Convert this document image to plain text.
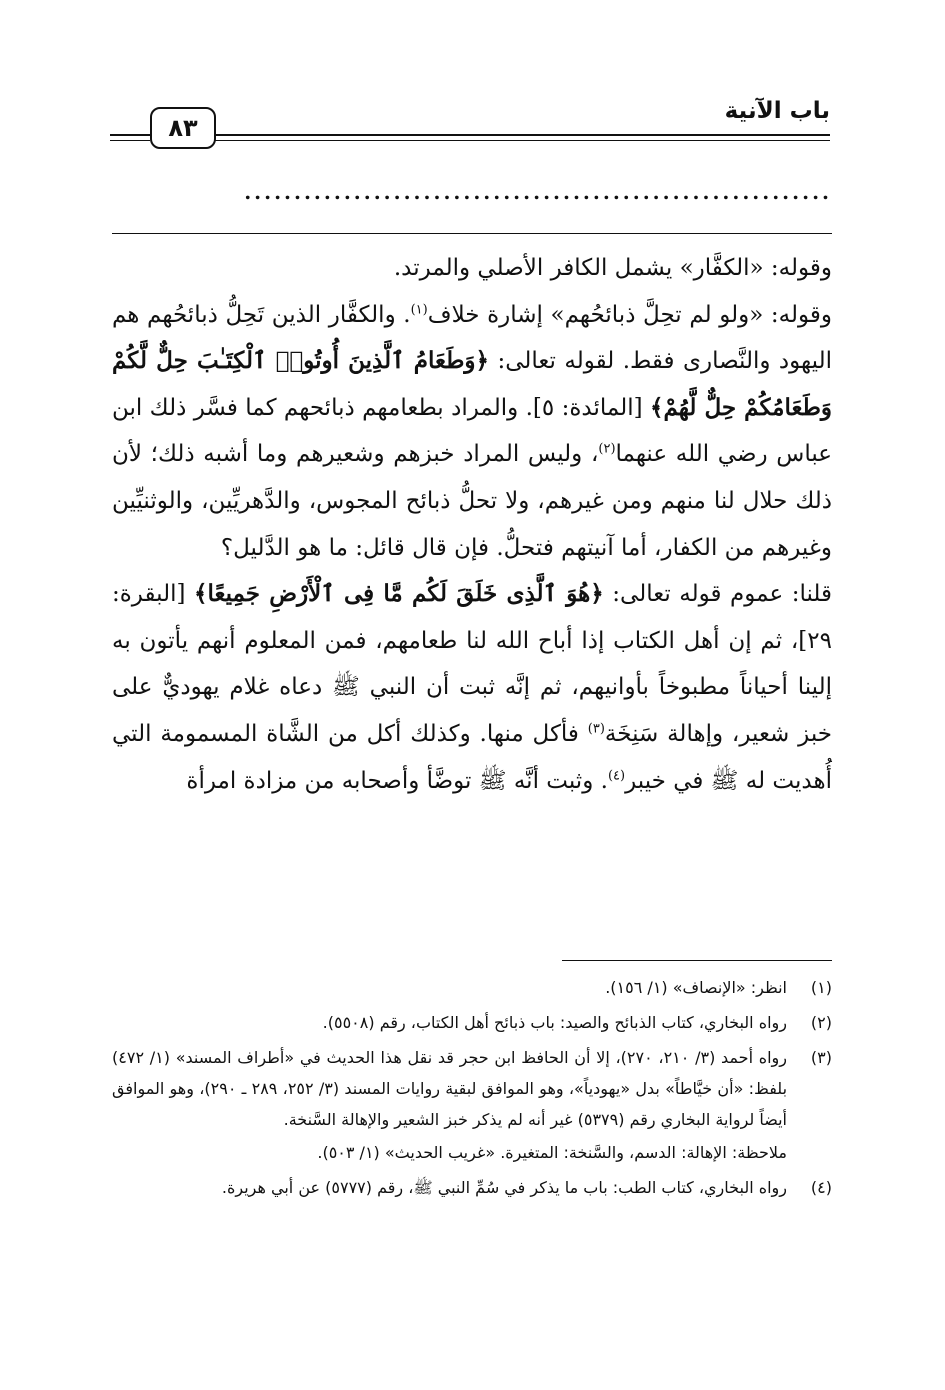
باب الآنية
٨٣
...........................................................

وقوله: «الكفَّار» يشمل الكافر الأصلي والمرتد.

وقوله: «ولو لم تحِلَّ ذبائحُهم» إشارة خلاف$^{(١)}$. والكفَّار الذين تَحِلُّ ذبائحُهم هم اليهود والنَّصارى فقط. لقوله تعالى: ﴿وَطَعَامُ ٱلَّذِينَ أُوتُوا۟ ٱلْكِتَـٰبَ حِلٌّ لَّكُمْ وَطَعَامُكُمْ حِلٌّ لَّهُمْ﴾ [المائدة: ٥]. والمراد بطعامهم ذبائحهم كما فسَّر ذلك ابن عباس رضي الله عنهما$^{(٢)}$، وليس المراد خبزهم وشعيرهم وما أشبه ذلك؛ لأن ذلك حلال لنا منهم ومن غيرهم، ولا تحلُّ ذبائح المجوس، والدَّهريِّين، والوثنيِّين وغيرهم من الكفار، أما آنيتهم فتحلُّ. فإن قال قائل: ما هو الدَّليل؟

قلنا: عموم قوله تعالى: ﴿هُوَ ٱلَّذِى خَلَقَ لَكُم مَّا فِى ٱلْأَرْضِ جَمِيعًا﴾ [البقرة: ٢٩]، ثم إن أهل الكتاب إذا أباح الله لنا طعامهم، فمن المعلوم أنهم يأتون به إلينا أحياناً مطبوخاً بأوانيهم، ثم إنَّه ثبت أن النبي ﷺ دعاه غلام يهوديٌّ على خبز شعير، وإهالة سَنِخَة$^{(٣)}$ فأكل منها. وكذلك أكل من الشَّاة المسمومة التي أُهديت له ﷺ في خيبر$^{(٤)}$. وثبت أنَّه ﷺ توضَّأ وأصحابه من مزادة امرأة

(١)
انظر: «الإنصاف» (١/ ١٥٦).
(٢)
رواه البخاري، كتاب الذبائح والصيد: باب ذبائح أهل الكتاب، رقم (٥٥٠٨).
(٣)
رواه أحمد (٣/ ٢١٠، ٢٧٠)، إلا أن الحافظ ابن حجر قد نقل هذا الحديث في «أطراف المسند» (١/ ٤٧٢) بلفظ: «أن خيَّاطاً» بدل «يهودياً»، وهو الموافق لبقية روايات المسند (٣/ ٢٥٢، ٢٨٩ ـ ٢٩٠)، وهو الموافق أيضاً لرواية البخاري رقم (٥٣٧٩) غير أنه لم يذكر خبز الشعير والإهالة السَّنخة.
ملاحظة: الإهالة: الدسم، والسَّنخة: المتغيرة. «غريب الحديث» (١/ ٥٠٣).
(٤)
رواه البخاري، كتاب الطب: باب ما يذكر في سُمِّ النبي ﷺ، رقم (٥٧٧٧) عن أبي هريرة.
